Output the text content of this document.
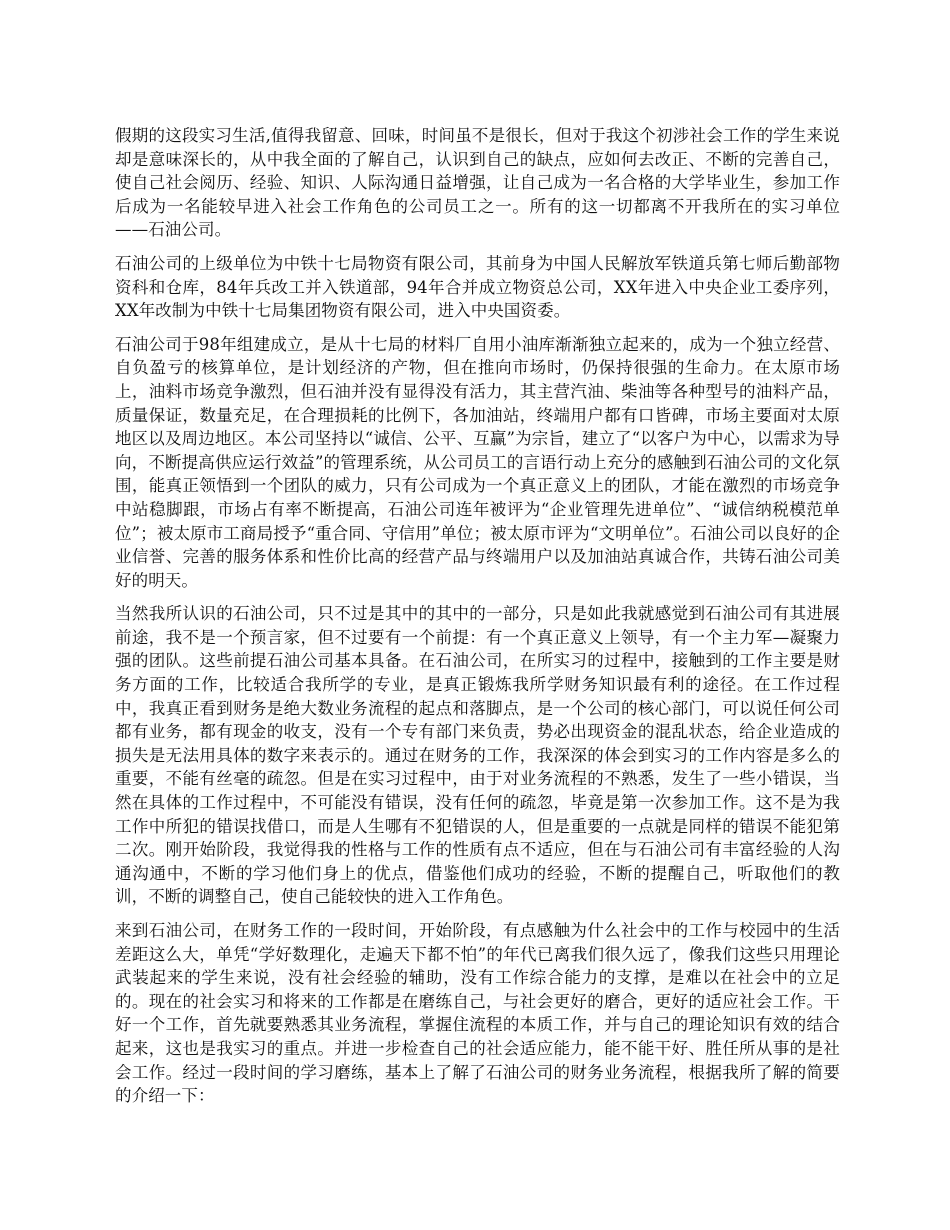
假期的这段实习生活,值得我留意、回味，时间虽不是很长，但对于我这个初涉社会工作的学生来说却是意味深长的，从中我全面的了解自己，认识到自己的缺点，应如何去改正、不断的完善自己，使自己社会阅历、经验、知识、人际沟通日益增强，让自己成为一名合格的大学毕业生，参加工作后成为一名能较早进入社会工作角色的公司员工之一。所有的这一切都离不开我所在的实习单位——石油公司。

石油公司的上级单位为中铁十七局物资有限公司，其前身为中国人民解放军铁道兵第七师后勤部物资科和仓库，84年兵改工并入铁道部，94年合并成立物资总公司，XX年进入中央企业工委序列，XX年改制为中铁十七局集团物资有限公司，进入中央国资委。

石油公司于98年组建成立，是从十七局的材料厂自用小油库渐渐独立起来的，成为一个独立经营、自负盈亏的核算单位，是计划经济的产物，但在推向市场时，仍保持很强的生命力。在太原市场上，油料市场竞争激烈，但石油并没有显得没有活力，其主营汽油、柴油等各种型号的油料产品，质量保证，数量充足，在合理损耗的比例下，各加油站，终端用户都有口皆碑，市场主要面对太原地区以及周边地区。本公司坚持以“诚信、公平、互赢”为宗旨，建立了“以客户为中心，以需求为导向，不断提高供应运行效益”的管理系统，从公司员工的言语行动上充分的感触到石油公司的文化氛围，能真正领悟到一个团队的威力，只有公司成为一个真正意义上的团队，才能在激烈的市场竞争中站稳脚跟，市场占有率不断提高，石油公司连年被评为“企业管理先进单位”、“诚信纳税模范单位”；被太原市工商局授予“重合同、守信用”单位；被太原市评为“文明单位”。石油公司以良好的企业信誉、完善的服务体系和性价比高的经营产品与终端用户以及加油站真诚合作，共铸石油公司美好的明天。

当然我所认识的石油公司，只不过是其中的其中的一部分，只是如此我就感觉到石油公司有其进展前途，我不是一个预言家，但不过要有一个前提：有一个真正意义上领导，有一个主力军—凝聚力强的团队。这些前提石油公司基本具备。在石油公司，在所实习的过程中，接触到的工作主要是财务方面的工作，比较适合我所学的专业，是真正锻炼我所学财务知识最有利的途径。在工作过程中，我真正看到财务是绝大数业务流程的起点和落脚点，是一个公司的核心部门，可以说任何公司都有业务，都有现金的收支，没有一个专有部门来负责，势必出现资金的混乱状态，给企业造成的损失是无法用具体的数字来表示的。通过在财务的工作，我深深的体会到实习的工作内容是多么的重要，不能有丝毫的疏忽。但是在实习过程中，由于对业务流程的不熟悉，发生了一些小错误，当然在具体的工作过程中，不可能没有错误，没有任何的疏忽，毕竟是第一次参加工作。这不是为我工作中所犯的错误找借口，而是人生哪有不犯错误的人，但是重要的一点就是同样的错误不能犯第二次。刚开始阶段，我觉得我的性格与工作的性质有点不适应，但在与石油公司有丰富经验的人沟通沟通中，不断的学习他们身上的优点，借鉴他们成功的经验，不断的提醒自己，听取他们的教训，不断的调整自己，使自己能较快的进入工作角色。

来到石油公司，在财务工作的一段时间，开始阶段，有点感触为什么社会中的工作与校园中的生活差距这么大，单凭“学好数理化，走遍天下都不怕”的年代已离我们很久远了，像我们这些只用理论武装起来的学生来说，没有社会经验的辅助，没有工作综合能力的支撑，是难以在社会中的立足的。现在的社会实习和将来的工作都是在磨练自己，与社会更好的磨合，更好的适应社会工作。干好一个工作，首先就要熟悉其业务流程，掌握住流程的本质工作，并与自己的理论知识有效的结合起来，这也是我实习的重点。并进一步检查自己的社会适应能力，能不能干好、胜任所从事的是社会工作。经过一段时间的学习磨练，基本上了解了石油公司的财务业务流程，根据我所了解的简要的介绍一下：
